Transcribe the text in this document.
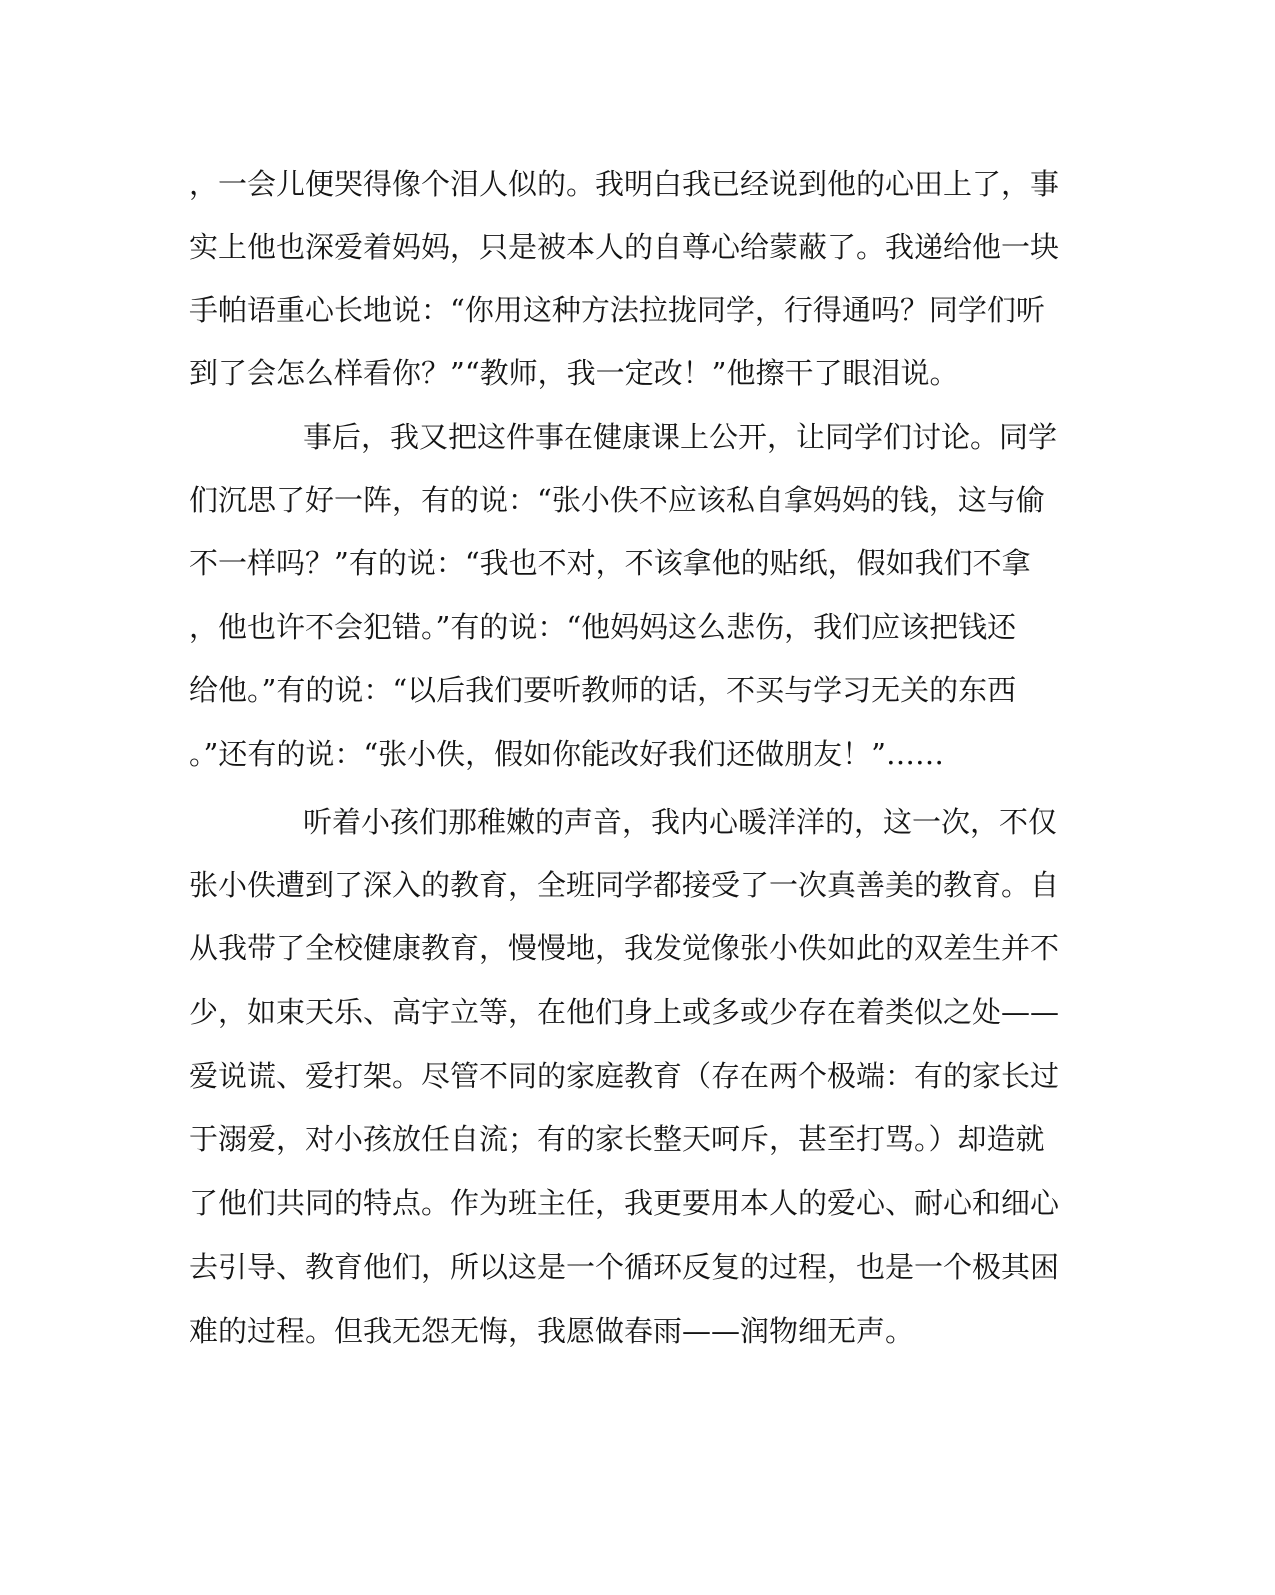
，一会儿便哭得像个泪人似的。我明白我已经说到他的心田上了，事
实上他也深爱着妈妈，只是被本人的自尊心给蒙蔽了。我递给他一块
手帕语重心长地说：“你用这种方法拉拢同学，行得通吗？同学们听
到了会怎么样看你？”“教师，我一定改！”他擦干了眼泪说。
事后，我又把这件事在健康课上公开，让同学们讨论。同学
们沉思了好一阵，有的说：“张小佚不应该私自拿妈妈的钱，这与偷
不一样吗？”有的说：“我也不对，不该拿他的贴纸，假如我们不拿
，他也许不会犯错。”有的说：“他妈妈这么悲伤，我们应该把钱还
给他。”有的说：“以后我们要听教师的话，不买与学习无关的东西
。”还有的说：“张小佚，假如你能改好我们还做朋友！”……
听着小孩们那稚嫩的声音，我内心暖洋洋的，这一次，不仅
张小佚遭到了深入的教育，全班同学都接受了一次真善美的教育。自
从我带了全校健康教育，慢慢地，我发觉像张小佚如此的双差生并不
少，如束天乐、高宇立等，在他们身上或多或少存在着类似之处——
爱说谎、爱打架。尽管不同的家庭教育（存在两个极端：有的家长过
于溺爱，对小孩放任自流；有的家长整天呵斥，甚至打骂。）却造就
了他们共同的特点。作为班主任，我更要用本人的爱心、耐心和细心
去引导、教育他们，所以这是一个循环反复的过程，也是一个极其困
难的过程。但我无怨无悔，我愿做春雨——润物细无声。
